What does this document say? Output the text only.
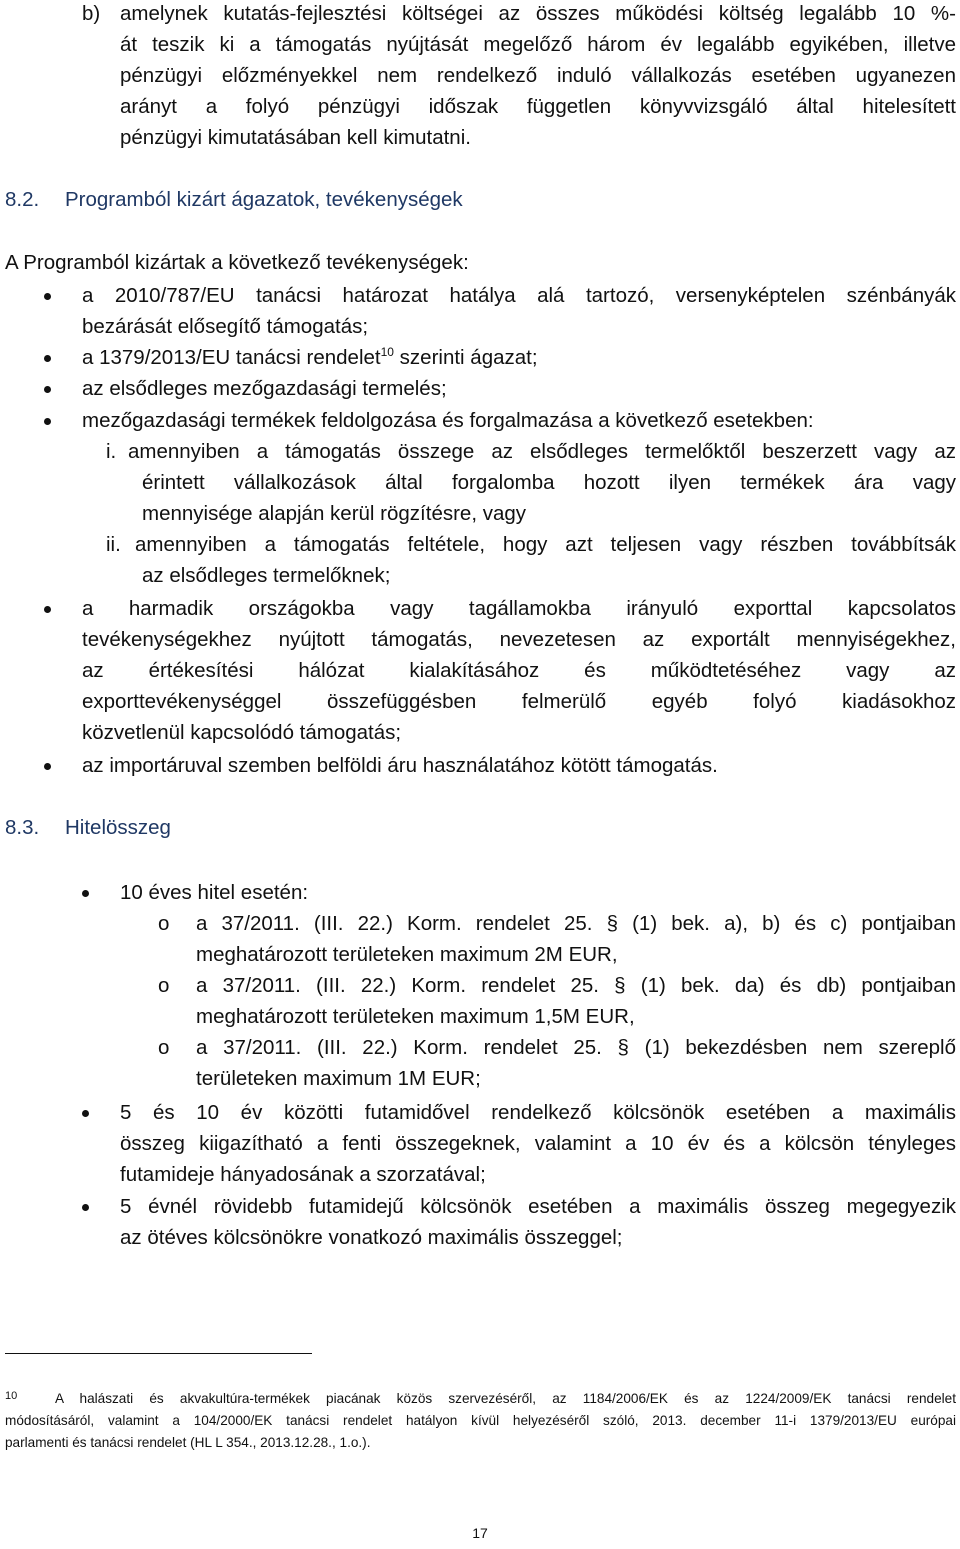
b) amelynek kutatás-fejlesztési költségei az összes működési költség legalább 10 %-
át teszik ki a támogatás nyújtását megelőző három év legalább egyikében, illetve
pénzügyi előzményekkel nem rendelkező induló vállalkozás esetében ugyanezen
arányt a folyó pénzügyi időszak független könyvvizsgáló által hitelesített
pénzügyi kimutatásában kell kimutatni.
8.2. Programból kizárt ágazatok, tevékenységek
A Programból kizártak a következő tevékenységek:
a 2010/787/EU tanácsi határozat hatálya alá tartozó, versenyképtelen szénbányák
bezárását elősegítő támogatás;
a 1379/2013/EU tanácsi rendelet$^{10}$ szerinti ágazat;
az elsődleges mezőgazdasági termelés;
mezőgazdasági termékek feldolgozása és forgalmazása a következő esetekben:
i. amennyiben a támogatás összege az elsődleges termelőktől beszerzett vagy az
érintett vállalkozások által forgalomba hozott ilyen termékek ára vagy
mennyisége alapján kerül rögzítésre, vagy
ii. amennyiben a támogatás feltétele, hogy azt teljesen vagy részben továbbítsák
az elsődleges termelőknek;
a harmadik országokba vagy tagállamokba irányuló exporttal kapcsolatos
tevékenységekhez nyújtott támogatás, nevezetesen az exportált mennyiségekhez,
az értékesítési hálózat kialakításához és működtetéséhez vagy az
exporttevékenységgel összefüggésben felmerülő egyéb folyó kiadásokhoz
közvetlenül kapcsolódó támogatás;
az importáruval szemben belföldi áru használatához kötött támogatás.
8.3. Hitelösszeg
10 éves hitel esetén:
o a 37/2011. (III. 22.) Korm. rendelet 25. § (1) bek. a), b) és c) pontjaiban
meghatározott területeken maximum 2M EUR,
o a 37/2011. (III. 22.) Korm. rendelet 25. § (1) bek. da) és db) pontjaiban
meghatározott területeken maximum 1,5M EUR,
o a 37/2011. (III. 22.) Korm. rendelet 25. § (1) bekezdésben nem szereplő
területeken maximum 1M EUR;
5 és 10 év közötti futamidővel rendelkező kölcsönök esetében a maximális
összeg kiigazítható a fenti összegeknek, valamint a 10 év és a kölcsön tényleges
futamideje hányadosának a szorzatával;
5 évnél rövidebb futamidejű kölcsönök esetében a maximális összeg megegyezik
az ötéves kölcsönökre vonatkozó maximális összeggel;
10	A halászati és akvakultúra-termékek piacának közös szervezéséről, az 1184/2006/EK és az 1224/2009/EK tanácsi rendelet
módosításáról, valamint a 104/2000/EK tanácsi rendelet hatályon kívül helyezéséről szóló, 2013. december 11-i 1379/2013/EU európai
parlamenti és tanácsi rendelet (HL L 354., 2013.12.28., 1.o.).
17
